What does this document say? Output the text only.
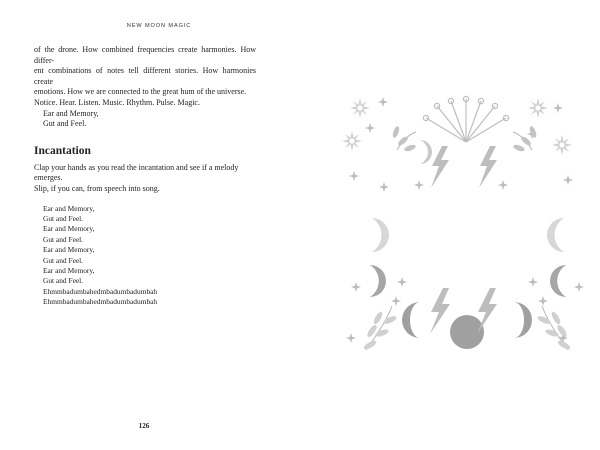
NEW MOON MAGIC

of the drone. How combined frequencies create harmonies. How differ-

ent combinations of notes tell different stories. How harmonies create

emotions. How we are connected to the great hum of the universe.

Notice. Hear. Listen. Music. Rhythm. Pulse. Magic.

Ear and Memory,

Gut and Feel.

Incantation

Clap your hands as you read the incantation and see if a melody emerges.

Slip, if you can, from speech into song.

Ear and Memory,
Gut and Feel.
Ear and Memory,
Gut and Feel.
Ear and Memory,
Gut and Feel.
Ear and Memory,
Gut and Feel.
Ehmmbadumbahedmbadumbadumbah
Ehmmbadumbahedmbadumbadumbah
126
